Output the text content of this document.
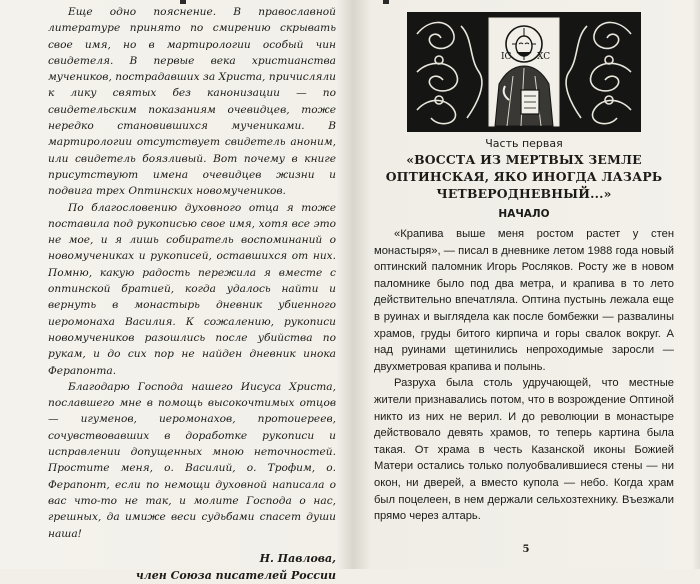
Еще одно пояснение. В православной литературе принято по смирению скрывать свое имя, но в мартирологии особый чин свидетеля. В первые века христианства мучеников, пострадавших за Христа, причисляли к лику святых без канонизации — по свидетельским показаниям очевидцев, тоже нередко становившихся мучениками. В мартирологии отсутствует свидетель аноним, или свидетель боязливый. Вот почему в книге присутствуют имена очевидцев жизни и подвига трех Оптинских новомучеников.

По благословению духовного отца я тоже поставила под рукописью свое имя, хотя все это не мое, и я лишь собиратель воспоминаний о новомучениках и рукописей, оставшихся от них. Помню, какую радость пережила я вместе с оптинской братией, когда удалось найти и вернуть в монастырь дневник убиенного иеромонаха Василия. К сожалению, рукописи новомучеников разошлись после убийства по рукам, и до сих пор не найден дневник инока Ферапонта.

Благодарю Господа нашего Иисуса Христа, пославшего мне в помощь высокочтимых отцов — игуменов, иеромонахов, протоиереев, сочувствовавших в доработке рукописи и исправлении допущенных мною неточностей. Простите меня, о. Василий, о. Трофим, о. Ферапонт, если по немощи духовной написала о вас что-то не так, и молите Господа о нас, грешных, да имиже веси судьбами спасет души наша!

Н. Павлова,
член Союза писателей России
IC	XC
Часть первая
«ВОССТА ИЗ МЕРТВЫХ ЗЕМЛЕ
ОПТИНСКАЯ, ЯКО ИНОГДА ЛАЗАРЬ
ЧЕТВЕРОДНЕВНЫЙ...»
НАЧАЛО

«Крапива выше меня ростом растет у стен монастыря», — писал в дневнике летом 1988 года новый оптинский паломник Игорь Росляков. Росту же в новом паломнике было под два метра, и крапива в то лето действительно впечатляла. Оптина пустынь лежала еще в руинах и выглядела как после бомбежки — развалины храмов, груды битого кирпича и горы свалок вокруг. А над руинами щетинились непроходимые заросли — двухметровая крапива и полынь.

Разруха была столь удручающей, что местные жители признавались потом, что в возрождение Оптиной никто из них не верил. И до революции в монастыре действовало девять храмов, то теперь картина была такая. От храма в честь Казанской иконы Божией Матери остались только полуобвалившиеся стены — ни окон, ни дверей, а вместо купола — небо. Когда храм был поцелеен, в нем держали сельхозтехнику. Въезжали прямо через алтарь.

5
